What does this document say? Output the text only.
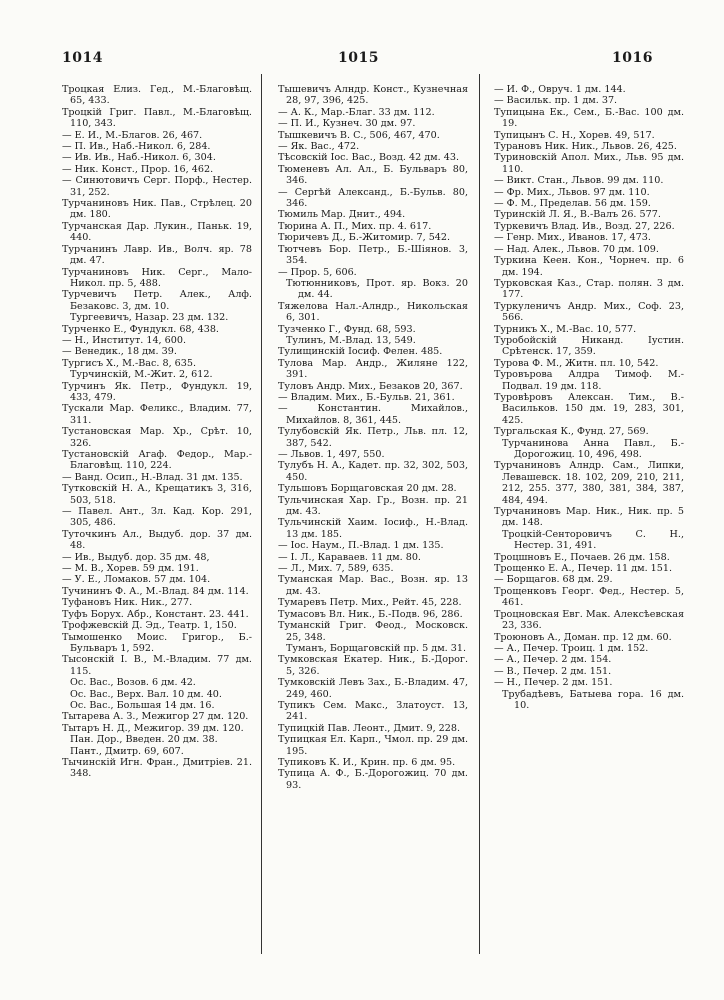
1014	1015	1016

Троцкая Елиз. Гед., М.-Благовѣщ. 65, 433.

Троцкій Григ. Павл., М.-Благовѣщ. 110, 343.

— Е. И., М.-Благов. 26, 467.

— П. Ив., Наб.-Никол. 6, 284.

— Ив. Ив., Наб.-Никол. 6, 304.

— Ник. Конст., Прор. 16, 462.

— Синютовичъ Серг. Порф., Нестер. 31, 252.

Турчаниновъ Ник. Пав., Стрѣлец. 20 дм. 180.

Турчанская Дар. Лукин., Паньк. 19, 440.

Турчанинъ Лавр. Ив., Волч. яр. 78 дм. 47.

Турчаниновъ Ник. Серг., Мало-Никол. пр. 5, 488.

Турчевичъ Петр. Алек., Алф. Безаковс. 3, дм. 10.

Тургеевичъ, Назар. 23 дм. 132.

Турченко Е., Фундукл. 68, 438.

— Н., Институт. 14, 600.

— Венедик., 18 дм. 39.

Тургисъ Х., М.-Вас. 8, 635.

Турчинскій, М.-Жит. 2, 612.

Турчинъ Як. Петр., Фундукл. 19, 433, 479.

Тускали Мар. Феликс., Владим. 77, 311.

Тустановская Мар. Хр., Срѣт. 10, 326.

Тустановскій Агаф. Федор., Мар.-Благовѣщ. 110, 224.

— Ванд. Осип., Н.-Влад. 31 дм. 135.

Тутковскій Н. А., Крещатикъ 3, 316, 503, 518.

— Павел. Ант., Зл. Кад. Кор. 291, 305, 486.

Туточкинъ Ал., Выдуб. дор. 37 дм. 48.

— Ив., Выдуб. дор. 35 дм. 48,

— М. В., Хорев. 59 дм. 191.

— У. Е., Ломаков. 57 дм. 104.

Тучининъ Ф. А., М.-Влад. 84 дм. 114.

Туфановъ Ник. Ник., 277.

Туфъ Борух. Абр., Констант. 23. 441.

Трофжевскій Д. Эд., Театр. 1, 150.

Тымошенко Моис. Григор., Б.-Бульваръ 1, 592.

Тысонскій І. В., М.-Владим. 77 дм. 115.

Ос. Вас., Возов. 6 дм. 42.

Ос. Вас., Верх. Вал. 10 дм. 40.

Ос. Вас., Большая 14 дм. 16.

Тытарева А. З., Межигор 27 дм. 120.

Тытаръ Н. Д., Межигор. 39 дм. 120.

Пан. Дор., Введен. 20 дм. 38.

Пант., Дмитр. 69, 607.

Тычинскій Игн. Фран., Дмитріев. 21. 348.

Тышевичъ Алндр. Конст., Кузнечная 28, 97, 396, 425.

— А. К., Мар.-Благ. 33 дм. 112.

— П. И., Кузнеч. 30 дм. 97.

Тышкевичъ В. С., 506, 467, 470.

— Як. Вас., 472.

Тѣсовскій Іос. Вас., Возд. 42 дм. 43.

Тюменевъ Ал. Ал., Б. Бульваръ 80, 346.

— Сергѣй Александ., Б.-Бульв. 80, 346.

Тюмиль Мар. Днит., 494.

Тюрина А. П., Мих. пр. 4. 617.

Тюричевъ Д., Б.-Житомир. 7, 542.

Тютчевъ Бор. Петр., Б.-Шіянов. 3, 354.

— Прор. 5, 606.

Тютюнниковъ, Прот. яр. Вокз. 20 дм. 44.

Тяжелова Нал.-Алндр., Никольская 6, 301.

Тузченко Г., Фунд. 68, 593.

Тулинъ, М.-Влад. 13, 549.

Тулищинскій Іосиф. Фелен. 485.

Тулова Мар. Андр., Жиляне 122, 391.

Туловъ Андр. Мих., Безаков 20, 367.

— Владим. Мих., Б.-Бульв. 21, 361.

— Константин. Михайлов., Михайлов. 8, 361, 445.

Тулубовскій Як. Петр., Льв. пл. 12, 387, 542.

— Львов. 1, 497, 550.

Тулубъ Н. А., Кадет. пр. 32, 302, 503, 450.

Тульшовъ Борщаговская 20 дм. 28.

Тульчинская Хар. Гр., Возн. пр. 21 дм. 43.

Тульчинскій Хаим. Іосиф., Н.-Влад. 13 дм. 185.

— Іос. Наум., П.-Влад. 1 дм. 135.

— І. Л., Караваев. 11 дм. 80.

— Л., Мих. 7, 589, 635.

Туманская Мар. Вас., Возн. яр. 13 дм. 43.

Тумаревъ Петр. Мих., Рейт. 45, 228.

Тумасовъ Вл. Ник., Б.-Подв. 96, 286.

Туманскій Григ. Феод., Московск. 25, 348.

Туманъ, Борщаговскій пр. 5 дм. 31.

Тумковская Екатер. Ник., Б.-Дорог. 5, 326.

Тумковскій Левъ Зах., Б.-Владим. 47, 249, 460.

Тупикъ Сем. Макс., Златоуст. 13, 241.

Тупицкій Пав. Леонт., Дмит. 9, 228.

Тупицкая Ел. Карп., Чмол. пр. 29 дм. 195.

Тупиковъ К. И., Крин. пр. 6 дм. 95.

Тупица А. Ф., Б.-Дорогожиц. 70 дм. 93.

— И. Ф., Овруч. 1 дм. 144.

— Васильк. пр. 1 дм. 37.

Тупицына Ек., Сем., Б.-Вас. 100 дм. 19.

Тупицынъ С. Н., Хорев. 49, 517.

Турановъ Ник. Ник., Львов. 26, 425.

Туриновскій Апол. Мих., Льв. 95 дм. 110.

— Викт. Стан., Львов. 99 дм. 110.

— Фр. Мих., Львов. 97 дм. 110.

— Ф. М., Пределав. 56 дм. 159.

Туринскій Л. Я., В.-Валъ 26. 577.

Туркевичъ Влад. Ив., Возд. 27, 226.

— Генр. Мих., Иванов. 17, 473.

— Над. Алек., Львов. 70 дм. 109.

Туркина Кеен. Кон., Чорнеч. пр. 6 дм. 194.

Турковская Каз., Стар. полян. 3 дм. 177.

Туркуленичъ Андр. Мих., Соф. 23, 566.

Турникъ Х., М.-Вас. 10, 577.

Туробойскій Никанд. Іустин. Срѣтенск. 17, 359.

Турова Ф. М., Житн. пл. 10, 542.

Туровърова Алдра Тимоф. М.-Подвал. 19 дм. 118.

Туровѣровъ Алексан. Тим., В.-Васильков. 150 дм. 19, 283, 301, 425.

Тургальская К., Фунд. 27, 569.

Турчаниновa Анна Павл., Б.-Дорогожиц. 10, 496, 498.

Турчаниновъ Алндр. Сам., Липки, Левашевск. 18. 102, 209, 210, 211, 212, 255. 377, 380, 381, 384, 387, 484, 494.

Турчаниновъ Мар. Ник., Ник. пр. 5 дм. 148.

Троцкій-Сенторовичъ С. Н., Нестер. 31, 491.

Троцшновъ Е., Почаев. 26 дм. 158.

Трощенко Е. А., Печер. 11 дм. 151.

— Борщагов. 68 дм. 29.

Трощенковъ Георг. Фед., Нестер. 5, 461.

Троцновская Евг. Мак. Алексѣевская 23, 336.

Троюновъ А., Доман. пр. 12 дм. 60.

— А., Печер. Троиц. 1 дм. 152.

— А., Печер. 2 дм. 154.

— В., Печер. 2 дм. 151.

— Н., Печер. 2 дм. 151.

Трубадѣевъ, Батыева гора. 16 дм. 10.
